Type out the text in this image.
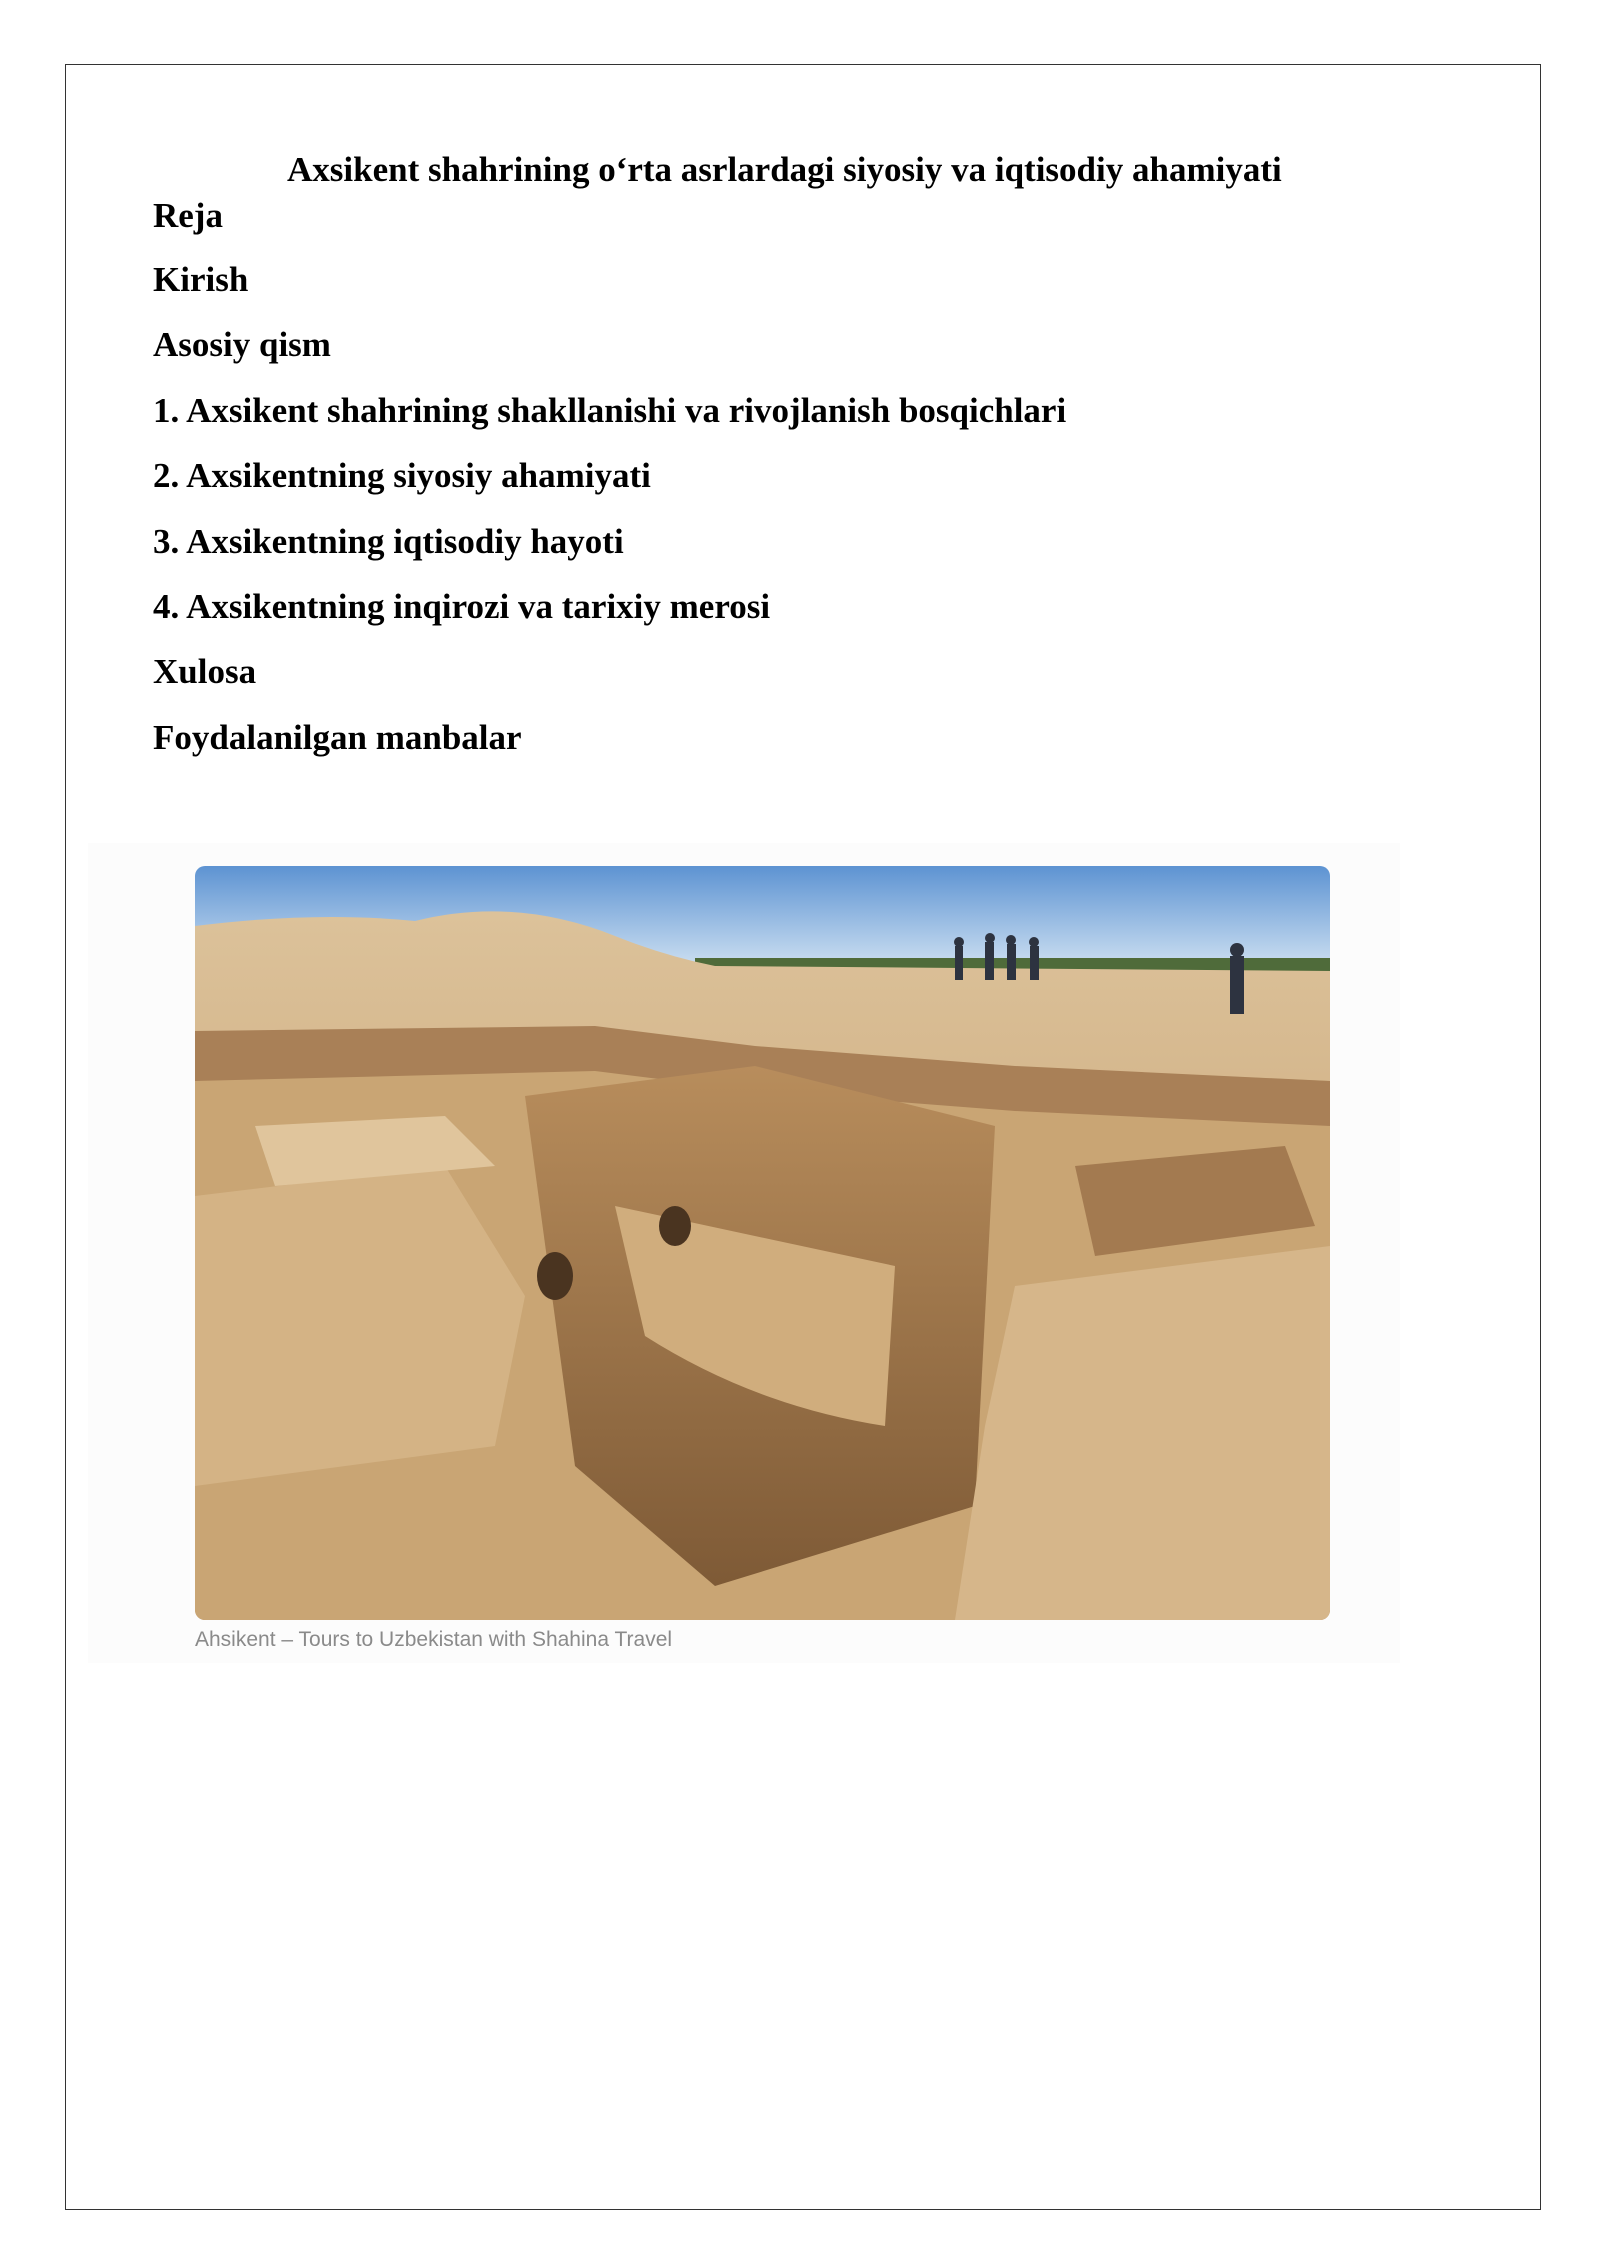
Axsikent shahrining o‘rta asrlardagi siyosiy va iqtisodiy ahamiyati
Reja
Kirish
Asosiy qism
1. Axsikent shahrining shakllanishi va rivojlanish bosqichlari
2. Axsikentning siyosiy ahamiyati
3. Axsikentning iqtisodiy hayoti
4. Axsikentning inqirozi va tarixiy merosi
Xulosa
Foydalanilgan manbalar
Ahsikent – Tours to Uzbekistan with Shahina Travel
